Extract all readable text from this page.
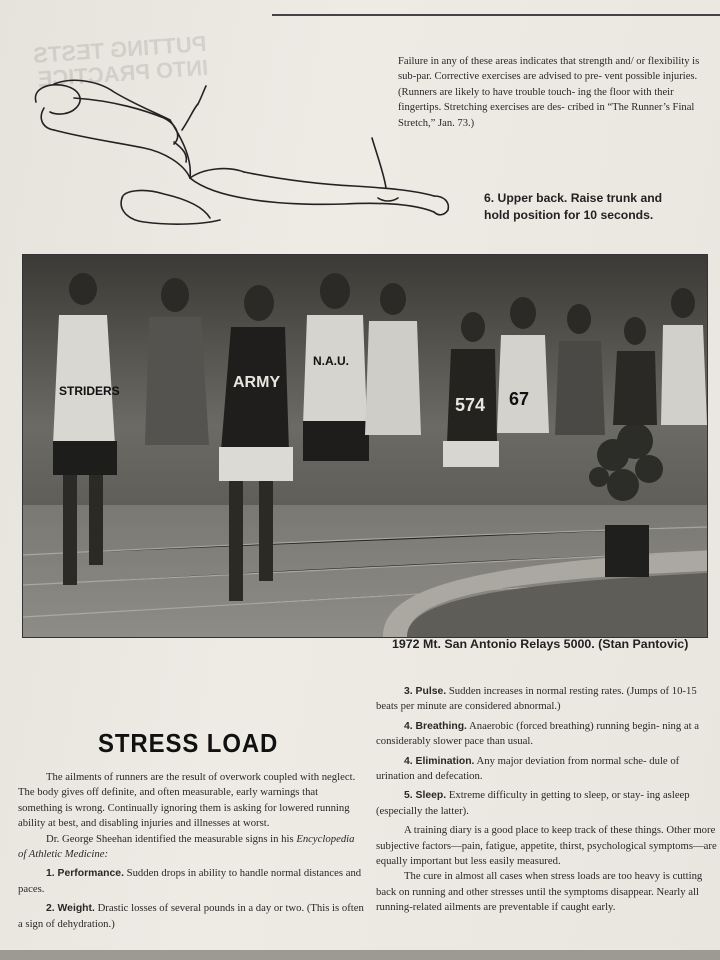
PUTTING TESTS INTO PRACTICE	Failure in any of these areas indicates that strength and/ or flexibility is sub-par. Corrective exercises are advised to pre- vent possible injuries. (Runners are likely to have trouble touch- ing the floor with their fingertips. Stretching exercises are des- cribed in “The Runner’s Final Stretch,” Jan. 73.)
6. Upper back. Raise trunk and hold position for 10 seconds.
STRIDERS	ARMY
N.A.U.
574 67
1972 Mt. San Antonio Relays 5000. (Stan Pantovic)
STRESS LOAD

The ailments of runners are the result of overwork coupled with neglect. The body gives off definite, and often measurable, early warnings that something is wrong. Continually ignoring them is asking for lowered running ability at best, and disabling injuries and illnesses at worst.

Dr. George Sheehan identified the measurable signs in his Encyclopedia of Athletic Medicine:

1. Performance. Sudden drops in ability to handle normal distances and paces.

2. Weight. Drastic losses of several pounds in a day or two. (This is often a sign of dehydration.)

3. Pulse. Sudden increases in normal resting rates. (Jumps of 10-15 beats per minute are considered abnormal.)

4. Breathing. Anaerobic (forced breathing) running begin- ning at a considerably slower pace than usual.

4. Elimination. Any major deviation from normal sche- dule of urination and defecation.

5. Sleep. Extreme difficulty in getting to sleep, or stay- ing asleep (especially the latter).

A training diary is a good place to keep track of these things. Other more subjective factors—pain, fatigue, appetite, thirst, psychological symptoms—are equally important but less easily measured.

The cure in almost all cases when stress loads are too heavy is cutting back on running and other stresses until the symptoms disappear. Nearly all running-related ailments are preventable if caught early.
